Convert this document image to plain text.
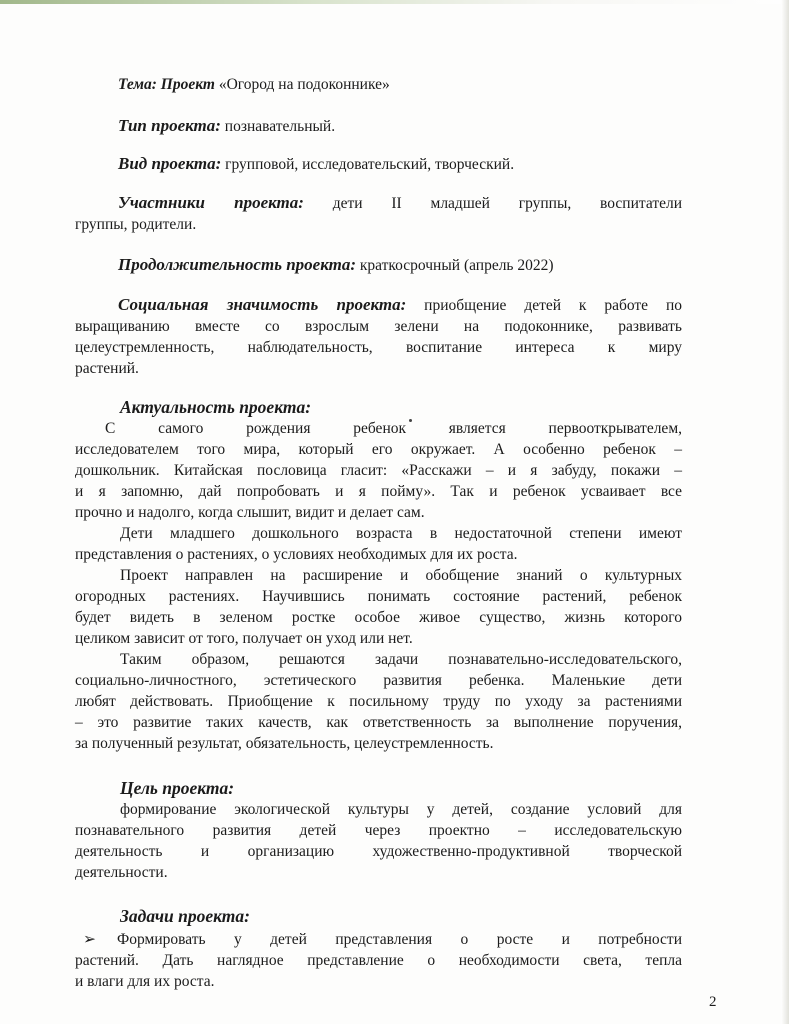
Тема: Проект «Огород на подоконнике»

Тип проекта: познавательный.

Вид проекта: групповой, исследовательский, творческий.

Участники проекта: дети II младшей группы, воспитатели

группы, родители.

Продолжительность проекта: краткосрочный (апрель 2022)

Социальная значимость проекта: приобщение детей к работе по

выращиванию вместе со взрослым зелени на подоконнике, развивать

целеустремленность, наблюдательность, воспитание интереса к миру

растений.

Актуальность проекта:

С самого рождения ребенок является первооткрывателем,

исследователем того мира, который его окружает. А особенно ребенок –

дошкольник. Китайская пословица гласит: «Расскажи – и я забуду, покажи –

и я запомню, дай попробовать и я пойму». Так и ребенок усваивает все

прочно и надолго, когда слышит, видит и делает сам.

Дети младшего дошкольного возраста в недостаточной степени имеют

представления о растениях, о условиях необходимых для их роста.

Проект направлен на расширение и обобщение знаний о культурных

огородных растениях. Научившись понимать состояние растений, ребенок

будет видеть в зеленом ростке особое живое существо, жизнь которого

целиком зависит от того, получает он уход или нет.

Таким образом, решаются задачи познавательно-исследовательского,

социально-личностного, эстетического развития ребенка. Маленькие дети

любят действовать. Приобщение к посильному труду по уходу за растениями

– это развитие таких качеств, как ответственность за выполнение поручения,

за полученный результат, обязательность, целеустремленность.

Цель проекта:

формирование экологической культуры у детей, создание условий для

познавательного развития детей через проектно – исследовательскую

деятельность и организацию художественно-продуктивной творческой

деятельности.

Задачи проекта:

➢ Формировать у детей представления о росте и потребности

растений. Дать наглядное представление о необходимости света, тепла

и влаги для их роста.

2
